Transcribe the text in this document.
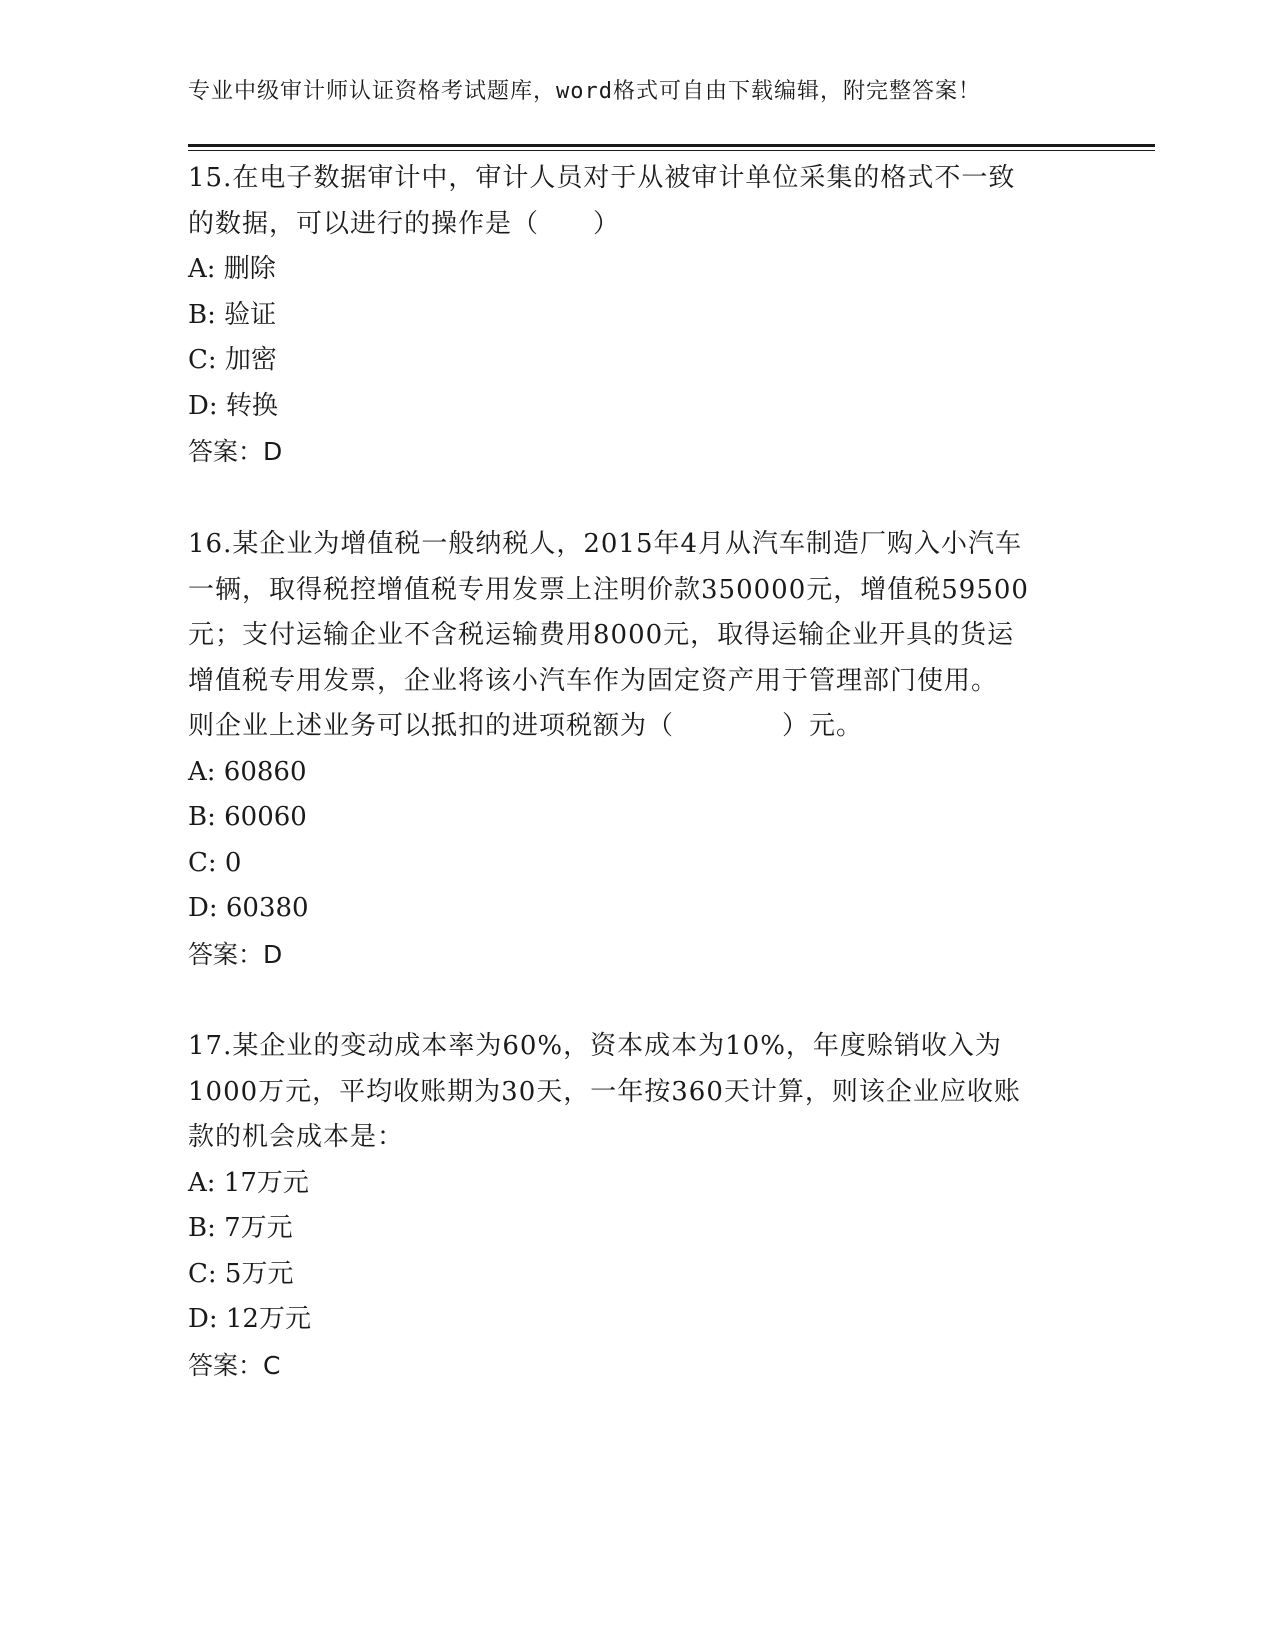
专业中级审计师认证资格考试题库，word格式可自由下载编辑，附完整答案！
15.在电子数据审计中，审计人员对于从被审计单位采集的格式不一致
的数据，可以进行的操作是（　　）
A: 删除
B: 验证
C: 加密
D: 转换
答案：D
16.某企业为增值税一般纳税人，2015年4月从汽车制造厂购入小汽车
一辆，取得税控增值税专用发票上注明价款350000元，增值税59500
元；支付运输企业不含税运输费用8000元，取得运输企业开具的货运
增值税专用发票，企业将该小汽车作为固定资产用于管理部门使用。
则企业上述业务可以抵扣的进项税额为（　　　　）元。
A: 60860
B: 60060
C: 0
D: 60380
答案：D
17.某企业的变动成本率为60%，资本成本为10%，年度赊销收入为
1000万元，平均收账期为30天，一年按360天计算，则该企业应收账
款的机会成本是：
A: 17万元
B: 7万元
C: 5万元
D: 12万元
答案：C
